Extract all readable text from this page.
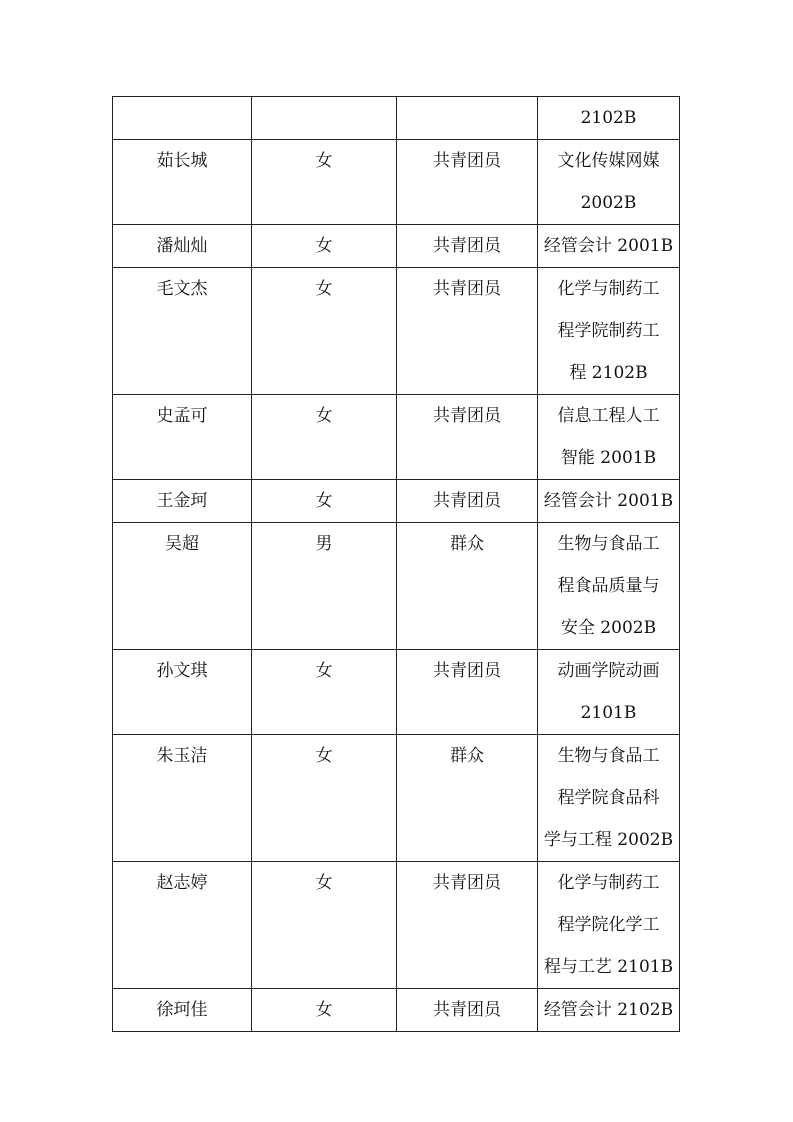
			2102B

茹长城	女	共青团员	文化传媒网媒
2002B

潘灿灿	女	共青团员	经管会计 2001B

毛文杰	女	共青团员	化学与制药工
程学院制药工
程 2102B

史孟可	女	共青团员	信息工程人工
智能 2001B

王金珂	女	共青团员	经管会计 2001B

吴超	男	群众	生物与食品工
程食品质量与
安全 2002B

孙文琪	女	共青团员	动画学院动画
2101B

朱玉洁	女	群众	生物与食品工
程学院食品科
学与工程 2002B

赵志婷	女	共青团员	化学与制药工
程学院化学工
程与工艺 2101B

徐珂佳	女	共青团员	经管会计 2102B
